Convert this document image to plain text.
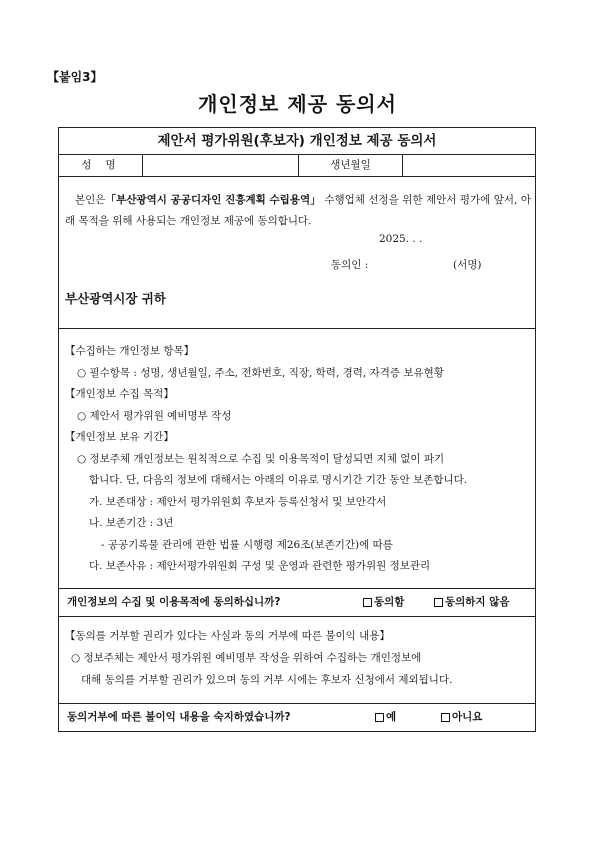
【붙임3】
개인정보 제공 동의서
제안서 평가위원(후보자) 개인정보 제공 동의서
성명	생년월일
본인은「부산광역시 공공디자인 진흥계획 수립용역」 수행업체 선정을 위한 제안서 평가에 앞서, 아래 목적을 위해 사용되는 개인정보 제공에 동의합니다.
2025. . .
동의인 :	(서명)
부산광역시장 귀하
【수집하는 개인정보 항목】
○ 필수항목 : 성명, 생년월일, 주소, 전화번호, 직장, 학력, 경력, 자격증 보유현황
【개인정보 수집 목적】
○ 제안서 평가위원 예비명부 작성
【개인정보 보유 기간】
○ 정보주체 개인정보는 원칙적으로 수집 및 이용목적이 달성되면 지체 없이 파기
합니다. 단, 다음의 정보에 대해서는 아래의 이유로 명시기간 기간 동안 보존합니다.
가. 보존대상 : 제안서 평가위원회 후보자 등록신청서 및 보안각서
나. 보존기간 : 3년
- 공공기록물 관리에 관한 법률 시행령 제26조(보존기간)에 따름
다. 보존사유 : 제안서평가위원회 구성 및 운영과 관련한 평가위원 정보관리
개인정보의 수집 및 이용목적에 동의하십니까?	동의함	동의하지 않음
【동의를 거부할 권리가 있다는 사실과 동의 거부에 따른 불이익 내용】
○ 정보주체는 제안서 평가위원 예비명부 작성을 위하여 수집하는 개인정보에
대해 동의를 거부할 권리가 있으며 동의 거부 시에는 후보자 신청에서 제외됩니다.
동의거부에 따른 불이익 내용을 숙지하였습니까?	예	아니요
